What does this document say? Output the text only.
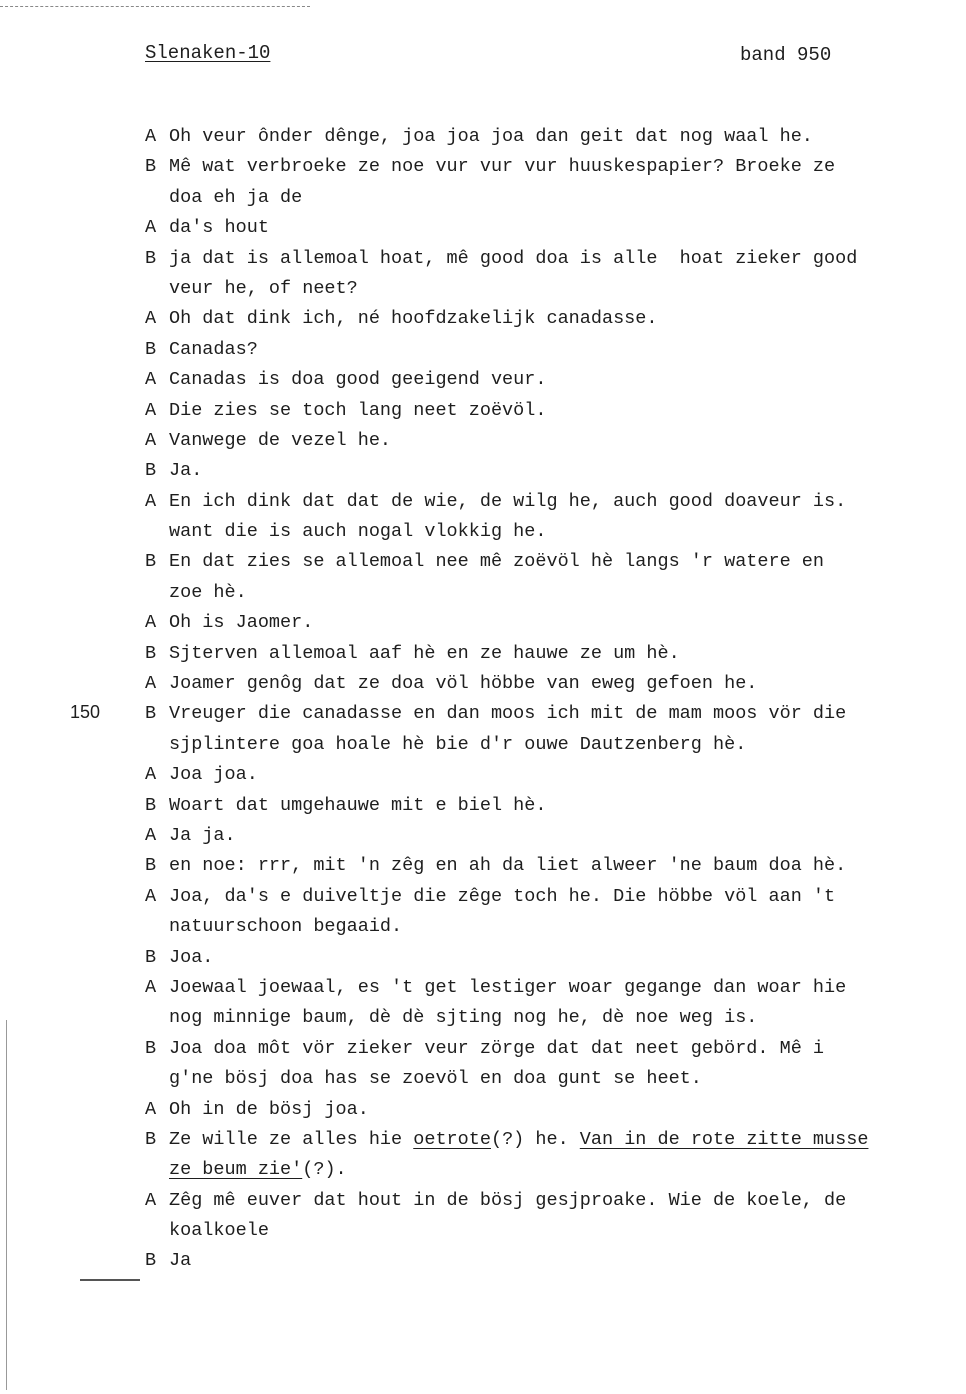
Slenaken-10	band 950
150
A Oh veur ônder dênge, joa joa joa dan geit dat nog waal he.
B Mê wat verbroeke ze noe vur vur vur huuskespapier? Broeke ze
doa eh ja de
A da's hout
B ja dat is allemoal hoat, mê good doa is alle  hoat zieker good
veur he, of neet?
A Oh dat dink ich, né hoofdzakelijk canadasse.
B Canadas?
A Canadas is doa good geeigend veur.
A Die zies se toch lang neet zoëvöl.
A Vanwege de vezel he.
B Ja.
A En ich dink dat dat de wie, de wilg he, auch good doaveur is.
want die is auch nogal vlokkig he.
B En dat zies se allemoal nee mê zoëvöl hè langs 'r watere en
zoe hè.
A Oh is Jaomer.
B Sjterven allemoal aaf hè en ze hauwe ze um hè.
A Joamer genôg dat ze doa völ höbbe van eweg gefoen he.
B Vreuger die canadasse en dan moos ich mit de mam moos vör die
sjplintere goa hoale hè bie d'r ouwe Dautzenberg hè.
A Joa joa.
B Woart dat umgehauwe mit e biel hè.
A Ja ja.
B en noe: rrr, mit 'n zêg en ah da liet alweer 'ne baum doa hè.
A Joa, da's e duiveltje die zêge toch he. Die höbbe völ aan 't
natuurschoon begaaid.
B Joa.
A Joewaal joewaal, es 't get lestiger woar gegange dan woar hie
nog minnige baum, dè dè sjting nog he, dè noe weg is.
B Joa doa môt vör zieker veur zörge dat dat neet gebörd. Mê i
g'ne bösj doa has se zoevöl en doa gunt se heet.
A Oh in de bösj joa.
B Ze wille ze alles hie oetrote(?) he. Van in de rote zitte musse
ze beum zie'(?).
A Zêg mê euver dat hout in de bösj gesjproake. Wie de koele, de
koalkoele
B Ja
